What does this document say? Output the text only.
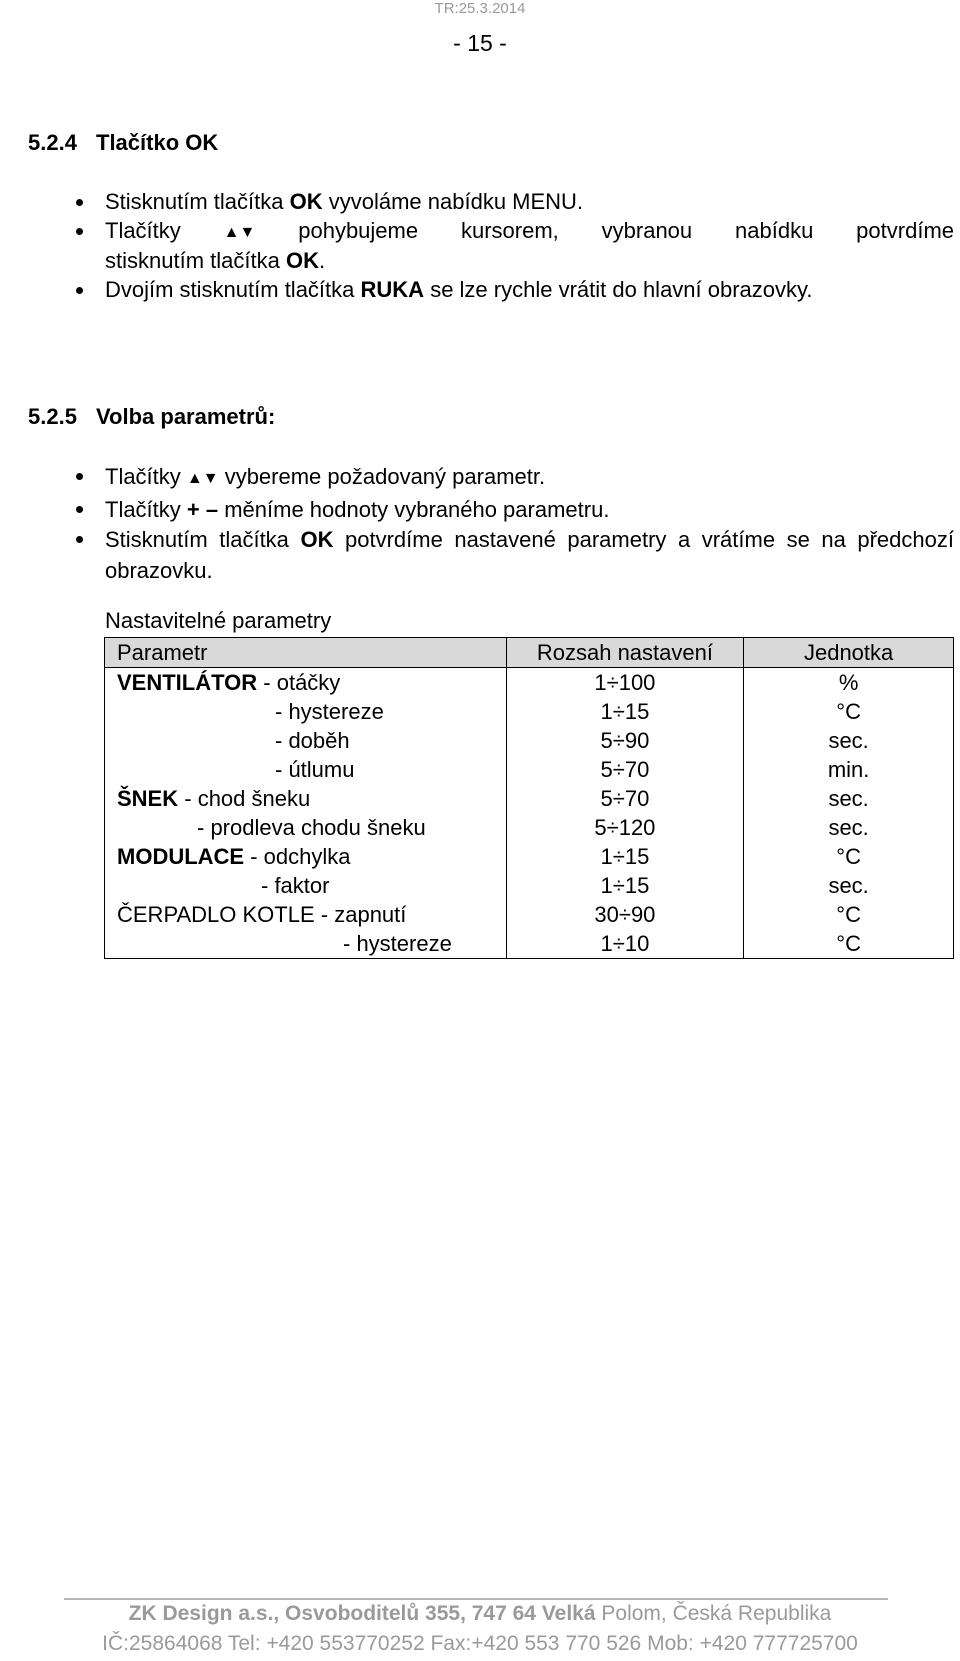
TR:25.3.2014
- 15 -
5.2.4 Tlačítko OK
Stisknutím tlačítka OK vyvoláme nabídku MENU.
Tlačítky ▲▼ pohybujeme kursorem, vybranou nabídku potvrdíme
stisknutím tlačítka OK.
Dvojím stisknutím tlačítka RUKA se lze rychle vrátit do hlavní obrazovky.
5.2.5 Volba parametrů:
Tlačítky ▲▼ vybereme požadovaný parametr.
Tlačítky + – měníme hodnoty vybraného parametru.
Stisknutím tlačítka OK potvrdíme nastavené parametry a vrátíme se na předchozí obrazovku.
Nastavitelné parametry
Parametr	Rozsah nastavení	Jednotka
VENTILÁTOR - otáčky	1÷100	%
- hystereze	1÷15	°C
- doběh	5÷90	sec.
- útlumu	5÷70	min.
ŠNEK - chod šneku	5÷70	sec.
- prodleva chodu šneku	5÷120	sec.
MODULACE - odchylka	1÷15	°C
- faktor	1÷15	sec.
ČERPADLO KOTLE - zapnutí	30÷90	°C
- hystereze	1÷10	°C
ZK Design a.s., Osvoboditelů 355, 747 64 Velká Polom, Česká Republika
IČ:25864068 Tel: +420 553770252 Fax:+420 553 770 526 Mob: +420 777725700
